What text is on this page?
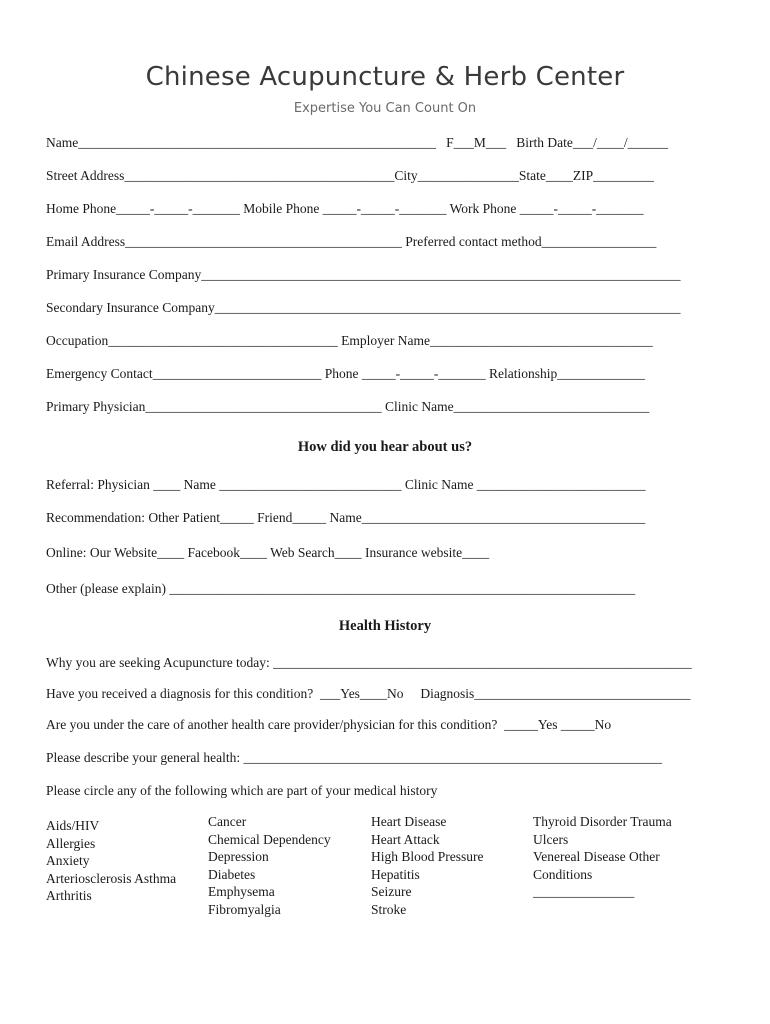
Chinese Acupuncture & Herb Center
Expertise You Can Count On
Name_____________________________________________________   F___M___   Birth Date___/____/______
Street Address________________________________________City_______________State____ZIP_________
Home Phone_____-_____-_______ Mobile Phone _____-_____-_______ Work Phone _____-_____-_______
Email Address_________________________________________ Preferred contact method_________________
Primary Insurance Company_______________________________________________________________________
Secondary Insurance Company_____________________________________________________________________
Occupation__________________________________ Employer Name_________________________________
Emergency Contact_________________________ Phone _____-_____-_______ Relationship_____________
Primary Physician___________________________________ Clinic Name_____________________________
How did you hear about us?
Referral: Physician ____ Name ___________________________ Clinic Name _________________________
Recommendation: Other Patient_____ Friend_____ Name__________________________________________
Online: Our Website____ Facebook____ Web Search____ Insurance website____
Other (please explain) _____________________________________________________________________
Health History
Why you are seeking Acupuncture today: ______________________________________________________________
Have you received a diagnosis for this condition?  ___Yes____No     Diagnosis________________________________
Are you under the care of another health care provider/physician for this condition?  _____Yes _____No
Please describe your general health: ______________________________________________________________
Please circle any of the following which are part of your medical history
Aids/HIV
Allergies
Anxiety
Arteriosclerosis Asthma
Arthritis
Cancer
Chemical Dependency
Depression
Diabetes
Emphysema
Fibromyalgia
Heart Disease
Heart Attack
High Blood Pressure
Hepatitis
Seizure
Stroke
Thyroid Disorder Trauma
Ulcers
Venereal Disease Other
Conditions
_______________
